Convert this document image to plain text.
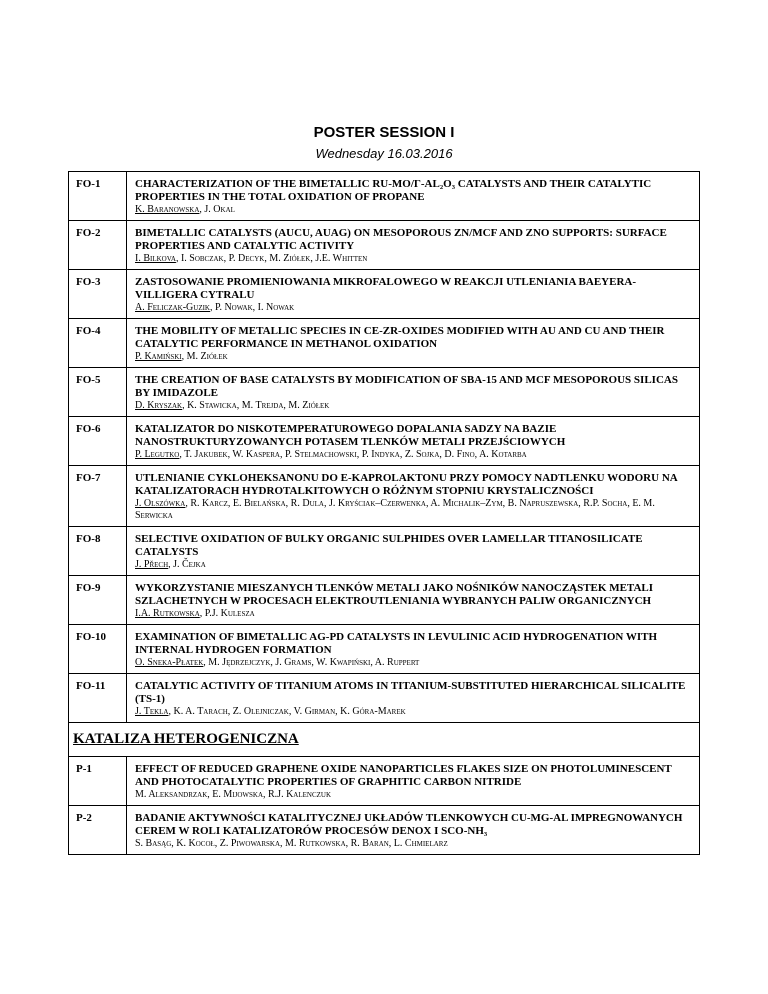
POSTER SESSION I
Wednesday 16.03.2016
FO-1	CHARACTERIZATION OF THE BIMETALLIC RU-MO/Γ-AL₂O₃ CATALYSTS AND THEIR CATALYTIC PROPERTIES IN THE TOTAL OXIDATION OF PROPANE
K. Baranowska, J. Okal

FO-2	BIMETALLIC CATALYSTS (AUCU, AUAG) ON MESOPOROUS ZN/MCF AND ZNO SUPPORTS: SURFACE PROPERTIES AND CATALYTIC ACTIVITY
I. Bilkova, I. Sobczak, P. Decyk, M. Ziółek, J.E. Whitten

FO-3	ZASTOSOWANIE PROMIENIOWANIA MIKROFALOWEGO W REAKCJI UTLENIANIA BAEYERA-VILLIGERA CYTRALU
A. Feliczak-Guzik, P. Nowak, I. Nowak

FO-4	THE MOBILITY OF METALLIC SPECIES IN CE-ZR-OXIDES MODIFIED WITH AU AND CU AND THEIR CATALYTIC PERFORMANCE IN METHANOL OXIDATION
P. Kamiński, M. Ziółek

FO-5	THE CREATION OF BASE CATALYSTS BY MODIFICATION OF SBA-15 AND MCF MESOPOROUS SILICAS BY IMIDAZOLE
D. Kryszak, K. Stawicka, M. Trejda, M. Ziółek

FO-6	KATALIZATOR DO NISKOTEMPERATUROWEGO DOPALANIA SADZY NA BAZIE NANOSTRUKTURYZOWANYCH POTASEM TLENKÓW METALI PRZEJŚCIOWYCH
P. Legutko, T. Jakubek, W. Kaspera, P. Stelmachowski, P. Indyka, Z. Sojka, D. Fino, A. Kotarba

FO-7	UTLENIANIE CYKLOHEKSANONU DO E-KAPROLAKTONU PRZY POMOCY NADTLENKU WODORU NA KATALIZATORACH HYDROTALKITOWYCH O RÓŻNYM STOPNIU KRYSTALICZNOŚCI
J. Olszówka, R. Karcz, E. Bielańska, R. Dula, J. Kryściak–Czerwenka, A. Michalik–Zym, B. Napruszewska, R.P. Socha, E. M. Serwicka

FO-8	SELECTIVE OXIDATION OF BULKY ORGANIC SULPHIDES OVER LAMELLAR TITANOSILICATE CATALYSTS
J. Přech, J. Čejka

FO-9	WYKORZYSTANIE MIESZANYCH TLENKÓW METALI JAKO NOŚNIKÓW NANOCZĄSTEK METALI SZLACHETNYCH W PROCESACH ELEKTROUTLENIANIA WYBRANYCH PALIW ORGANICZNYCH
I.A. Rutkowska, P.J. Kulesza

FO-10	EXAMINATION OF BIMETALLIC AG-PD CATALYSTS IN LEVULINIC ACID HYDROGENATION WITH INTERNAL HYDROGEN FORMATION
O. Sneka-Płatek, M. Jędrzejczyk, J. Grams, W. Kwapiński, A. Ruppert

FO-11	CATALYTIC ACTIVITY OF TITANIUM ATOMS IN TITANIUM-SUBSTITUTED HIERARCHICAL SILICALITE (TS-1)
J. Tekla, K. A. Tarach, Z. Olejniczak, V. Girman, K. Góra-Marek

KATALIZA HETEROGENICZNA	
P-1	EFFECT OF REDUCED GRAPHENE OXIDE NANOPARTICLES FLAKES SIZE ON PHOTOLUMINESCENT AND PHOTOCATALYTIC PROPERTIES OF GRAPHITIC CARBON NITRIDE
M. Aleksandrzak, E. Mijowska, R.J. Kalenczuk

P-2	BADANIE AKTYWNOŚCI KATALITYCZNEJ UKŁADÓW TLENKOWYCH CU-MG-AL IMPREGNOWANYCH CEREM W ROLI KATALIZATORÓW PROCESÓW DENOX I SCO-NH₃
S. Basąg, K. Kocoł, Z. Piwowarska, M. Rutkowska, R. Baran, L. Chmielarz
